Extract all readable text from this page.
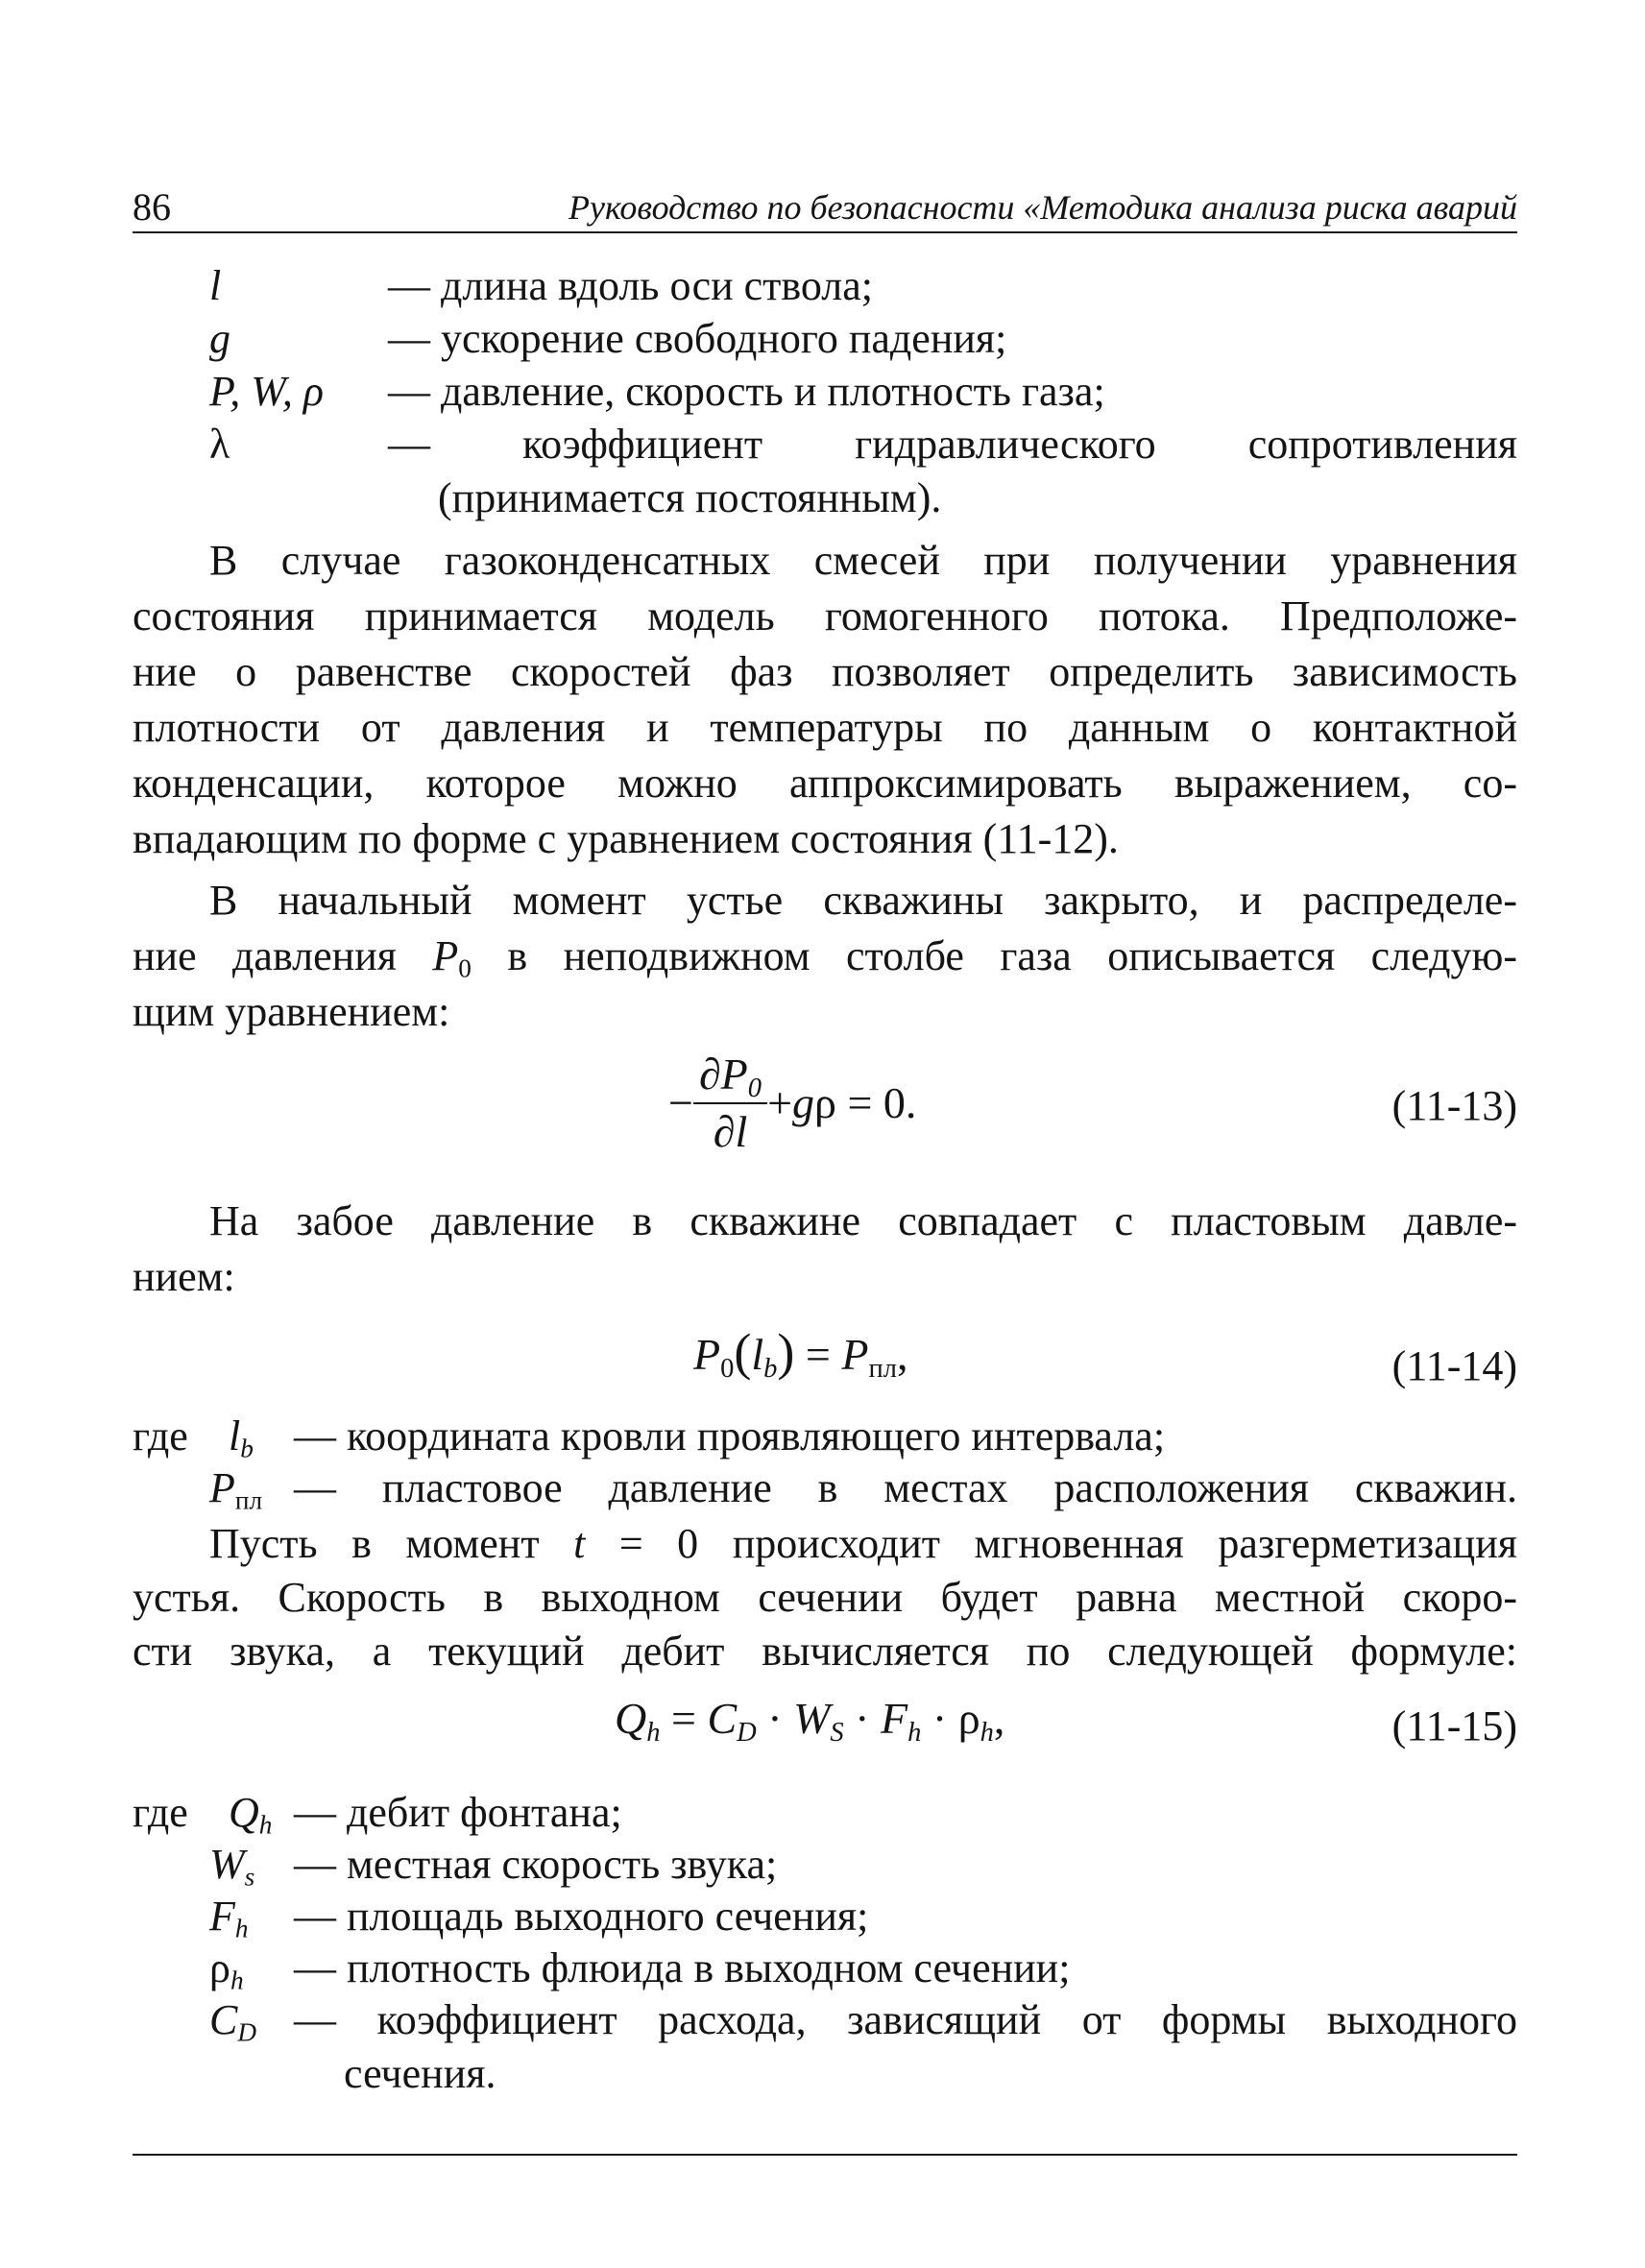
86	Руководство по безопасности «Методика анализа риска аварий
l	— длина вдоль оси ствола;
g	— ускорение свободного падения;
P, W, ρ — давление, скорость и плотность газа;
λ	— коэффициент гидравлического сопротивления
(принимается постоянным).
В случае газоконденсатных смесей при получении уравнения
состояния принимается модель гомогенного потока. Предположе-
ние о равенстве скоростей фаз позволяет определить зависимость
плотности от давления и температуры по данным о контактной
конденсации, которое можно аппроксимировать выражением, со-
впадающим по форме с уравнением состояния (11-12).
В начальный момент устье скважины закрыто, и распределе-
ние давления $P_0$ в неподвижном столбе газа описывается следую-
щим уравнением:
− $\frac{\partial P_0}{\partial l} +g\rho = 0$.	(11-13)
На забое давление в скважине совпадает с пластовым давле-
нием:
$P_0(l_b) = P_{пл}$,	(11-14)
где $l_b$ — координата кровли проявляющего интервала;
$P_{пл}$ — пластовое давление в местах расположения скважин.
Пусть в момент t = 0 происходит мгновенная разгерметизация
устья. Скорость в выходном сечении будет равна местной скоро-
сти звука, а текущий дебит вычисляется по следующей формуле:
$Q_h = C_D \cdot W_S \cdot F_h \cdot \rho_h$,	(11-15)
где $Q_h$ — дебит фонтана;
$W_s$ — местная скорость звука;
$F_h$ — площадь выходного сечения;
$\rho_h$ — плотность флюида в выходном сечении;
$C_D$ — коэффициент расхода, зависящий от формы выходного
сечения.
